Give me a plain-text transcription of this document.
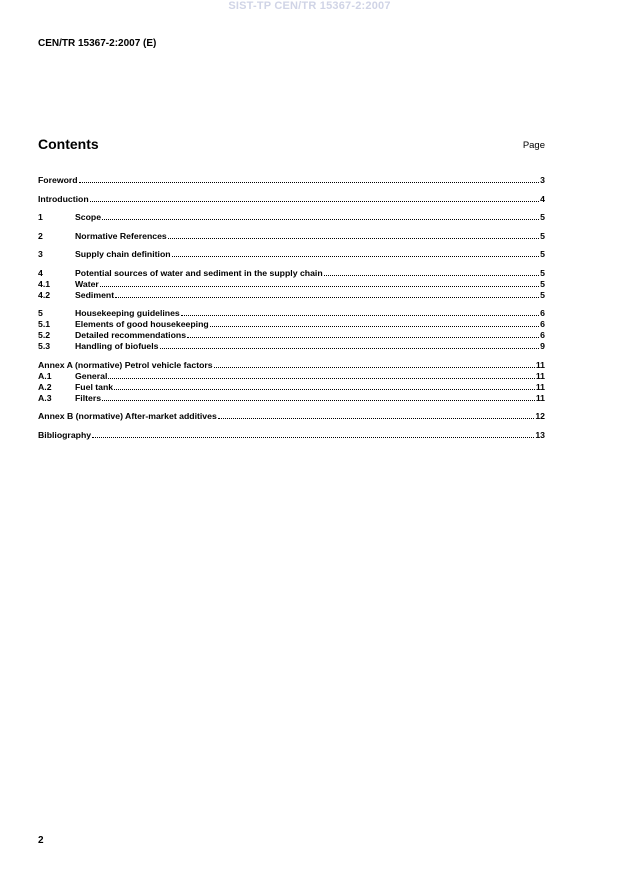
SIST-TP CEN/TR 15367-2:2007
CEN/TR 15367-2:2007 (E)
Contents	Page
Foreword	3
Introduction	4
1	Scope	5
2	Normative References	5
3	Supply chain definition	5
4	Potential sources of water and sediment in the supply chain	5
4.1	Water	5
4.2	Sediment	5
5	Housekeeping guidelines	6
5.1	Elements of good housekeeping	6
5.2	Detailed recommendations	6
5.3	Handling of biofuels	9
Annex A (normative) Petrol vehicle factors	11
A.1	General	11
A.2	Fuel tank	11
A.3	Filters	11
Annex B (normative) After-market additives	12
Bibliography	13
2
